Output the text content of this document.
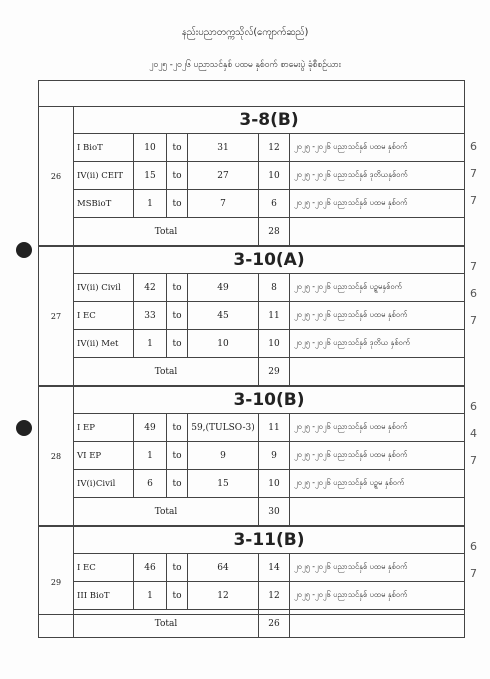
နည်းပညာတက္ကသိုလ်(ကျောက်ဆည်)
၂၀၂၅ -၂၀၂၆ ပညာသင်နှစ် ပထမ နှစ်ဝက် စာမေးပွဲ ခုံစီစဉ်ယား
26	3-8(B)					
	I BioT	10	to	31	12	၂၀၂၅ -၂၀၂၆ ပညာသင်နှစ် ပထမ နှစ်ဝက်
	IV(ii) CEIT	15	to	27	10	၂၀၂၅ -၂၀၂၆ ပညာသင်နှစ် ဒုတိယနှစ်ဝက်
	MSBioT	1	to	7	6	၂၀၂၅ -၂၀၂၆ ပညာသင်နှစ် ပထမ နှစ်ဝက်
	Total				28	
27	3-10(A)					
	IV(ii) Civil	42	to	49	8	၂၀၂၅ -၂၀၂၆ ပညာသင်နှစ် ပဉ္စမနှစ်ဝက်
	I EC	33	to	45	11	၂၀၂၅ -၂၀၂၆ ပညာသင်နှစ် ပထမ နှစ်ဝက်
	IV(ii) Met	1	to	10	10	၂၀၂၅ -၂၀၂၆ ပညာသင်နှစ် ဒုတိယ နှစ်ဝက်
	Total				29	
28	3-10(B)					
	I EP	49	to	59,(TULSO-3)	11	၂၀၂၅ -၂၀၂၆ ပညာသင်နှစ် ပထမ နှစ်ဝက်
	VI EP	1	to	9	9	၂၀၂၅ -၂၀၂၆ ပညာသင်နှစ် ပထမ နှစ်ဝက်
	IV(i)Civil	6	to	15	10	၂၀၂၅ -၂၀၂၆ ပညာသင်နှစ် ပဉ္စမ နှစ်ဝက်
	Total				30	
29	3-11(B)					
	I EC	46	to	64	14	၂၀၂၅ -၂၀၂၆ ပညာသင်နှစ် ပထမ နှစ်ဝက်
	III BioT	1	to	12	12	၂၀၂၅ -၂၀၂၆ ပညာသင်နှစ် ပထမ နှစ်ဝက်
	Total				26	
6
7
7
7
6
7
6
4
7
6
7
